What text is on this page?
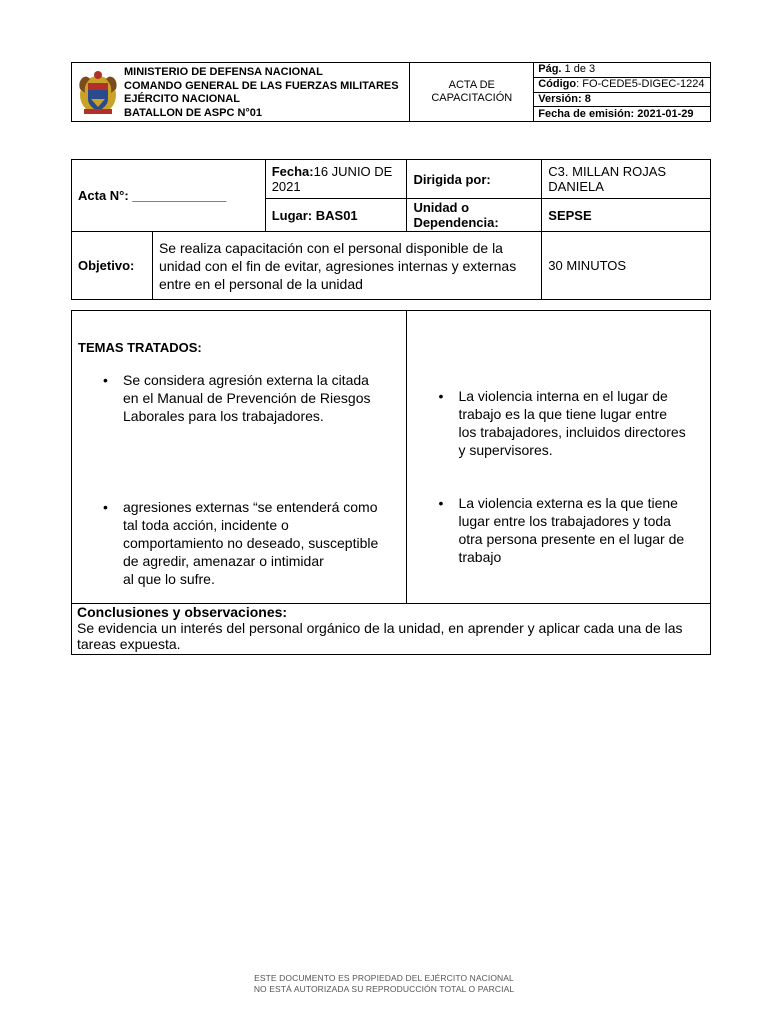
MINISTERIO DE DEFENSA NACIONAL
COMANDO GENERAL DE LAS FUERZAS MILITARES
EJÉRCITO NACIONAL
BATALLON DE ASPC N°01

ACTA DE
CAPACITACIÓN
	Pág. 1 de 3
Código: FO-CEDE5-DIGEC-1224
Versión: 8
Fecha de emisión: 2021-01-29
Acta N°: _____________		Fecha:16 JUNIO DE 2021	Dirigida por:	C3. MILLAN ROJAS DANIELA
		Lugar: BAS01	Unidad o Dependencia:	SEPSE
Objetivo:	Se realiza capacitación con el personal disponible de la unidad con el fin de evitar, agresiones internas y externas entre en el personal de la unidad			30 MINUTOS
TEMAS TRATADOS:
• Se considera agresión externa la citada
en el Manual de Prevención de Riesgos
Laborales para los trabajadores.
• agresiones externas “se entenderá como
tal toda acción, incidente o
comportamiento no deseado, susceptible
de agredir, amenazar o intimidar
al que lo sufre.

• La violencia interna en el lugar de
trabajo es la que tiene lugar entre
los trabajadores, incluidos directores
y supervisores.
• La violencia externa es la que tiene
lugar entre los trabajadores y toda
otra persona presente en el lugar de
trabajo

Conclusiones y observaciones:
Se evidencia un interés del personal orgánico de la unidad, en aprender y aplicar cada una de las
tareas expuesta.
ESTE DOCUMENTO ES PROPIEDAD DEL EJÉRCITO NACIONAL
NO ESTÁ AUTORIZADA SU REPRODUCCIÓN TOTAL O PARCIAL
